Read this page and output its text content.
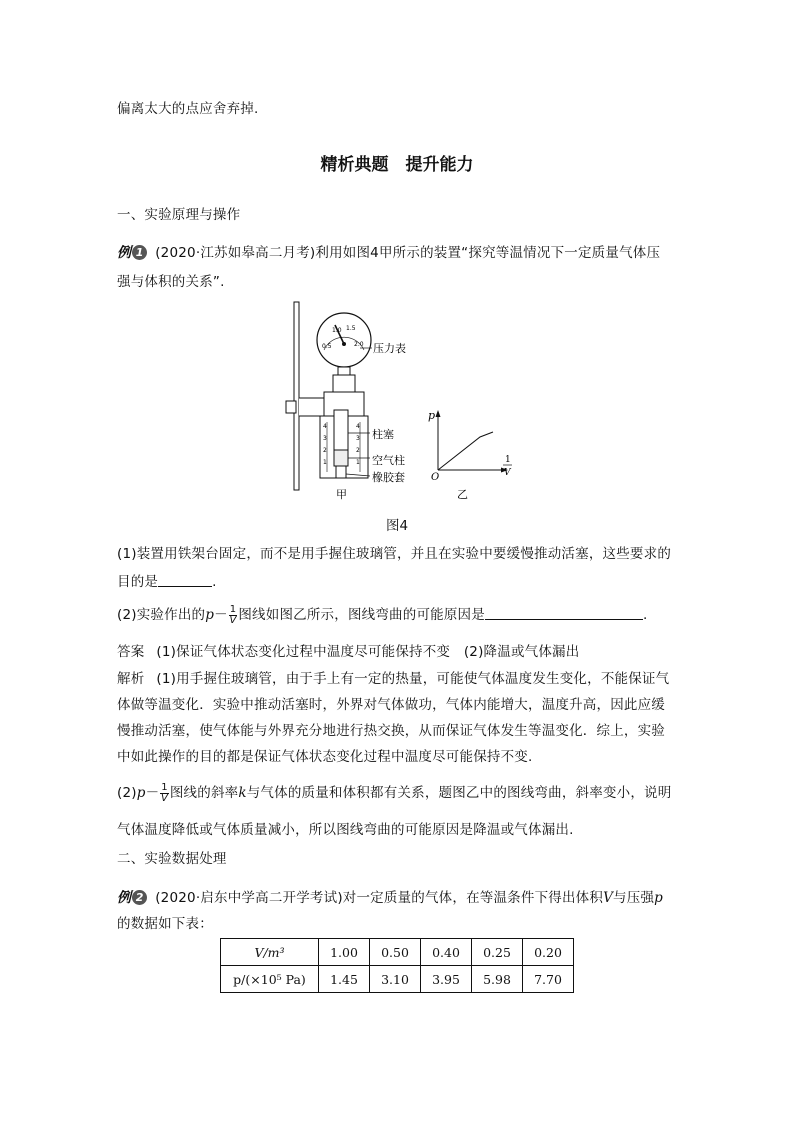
偏离太大的点应舍弃掉.
精析典题　提升能力
一、实验原理与操作
例 1 (2020·江苏如皋高二月考)利用如图4甲所示的装置“探究等温情况下一定质量气体压
强与体积的关系”.
0.5
1.0 1.5
2.0 压力表
4
3
2
1
4
3
2
1
柱塞
空气柱
橡胶套
甲
p
O
1
V
乙
图4
(1)装置用铁架台固定，而不是用手握住玻璃管，并且在实验中要缓慢推动活塞，这些要求的
目的是	.
(2)实验作出的$p- \frac{1}{V}$ 图线如图乙所示，图线弯曲的可能原因是	.
答案 (1)保证气体状态变化过程中温度尽可能保持不变　(2)降温或气体漏出
解析 (1)用手握住玻璃管，由于手上有一定的热量，可能使气体温度发生变化，不能保证气
体做等温变化．实验中推动活塞时，外界对气体做功，气体内能增大，温度升高，因此应缓
慢推动活塞，使气体能与外界充分地进行热交换，从而保证气体发生等温变化．综上，实验
中如此操作的目的都是保证气体状态变化过程中温度尽可能保持不变.
$(2)p- \frac{1}{V}$ 图线的斜率k与气体的质量和体积都有关系，题图乙中的图线弯曲，斜率变小，说明
气体温度降低或气体质量减小，所以图线弯曲的可能原因是降温或气体漏出.
二、实验数据处理
例 2 (2020·启东中学高二开学考试)对一定质量的气体，在等温条件下得出体积V与压强p
的数据如下表：
V/m³	1.00	0.50	0.40	0.25	0.20
p/(×10⁵ Pa)	1.45	3.10	3.95	5.98	7.70
